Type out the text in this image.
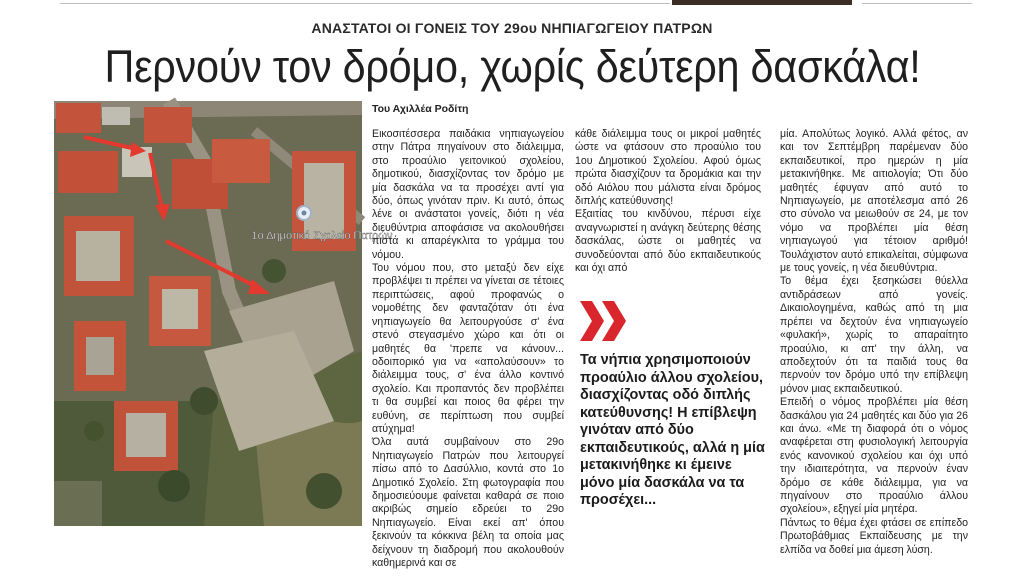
ΑΝΑΣΤΑΤΟΙ ΟΙ ΓΟΝΕΙΣ ΤΟΥ 29ου ΝΗΠΙΑΓΩΓΕΙΟΥ ΠΑΤΡΩΝ
Περνούν τον δρόμο, χωρίς δεύτερη δασκάλα!
1ο Δημοτικό Σχολείο Πατρών
Του Αχιλλέα Ροδίτη

Εικοσιτέσσερα παιδάκια νηπιαγωγείου στην Πάτρα πηγαίνουν στο διάλειμμα, στο προαύλιο γειτονικού σχολείου, δημοτικού, διασχίζοντας τον δρόμο με μία δασκάλα να τα προσέχει αντί για δύο, όπως γινόταν πριν. Κι αυτό, όπως λένε οι ανάστατοι γονείς, διότι η νέα διευθύντρια αποφάσισε να ακολουθήσει πιστά κι απαρέγκλιτα το γράμμα του νόμου.

Του νόμου που, στο μεταξύ δεν είχε προβλέψει τι πρέπει να γίνεται σε τέτοιες περιπτώσεις, αφού προφανώς ο νομοθέτης δεν φανταζόταν ότι ένα νηπιαγωγείο θα λειτουργούσε σ' ένα στενό στεγασμένο χώρο και ότι οι μαθητές θα 'πρεπε να κάνουν... οδοιπορικό για να «απολαύσουν» το διάλειμμα τους, σ' ένα άλλο κοντινό σχολείο. Και προπαντός δεν προβλέπει τι θα συμβεί και ποιος θα φέρει την ευθύνη, σε περίπτωση που συμβεί ατύχημα!

Όλα αυτά συμβαίνουν στο 29ο Νηπιαγωγείο Πατρών που λειτουργεί πίσω από το Δασύλλιο, κοντά στο 1ο Δημοτικό Σχολείο. Στη φωτογραφία που δημοσιεύουμε φαίνεται καθαρά σε ποιο ακριβώς σημείο εδρεύει το 29ο Νηπιαγωγείο. Είναι εκεί απ' όπου ξεκινούν τα κόκκινα βέλη τα οποία μας δείχνουν τη διαδρομή που ακολουθούν καθημερινά και σε

κάθε διάλειμμα τους οι μικροί μαθητές ώστε να φτάσουν στο προαύλιο του 1ου Δημοτικού Σχολείου. Αφού όμως πρώτα διασχίζουν τα δρομάκια και την οδό Αιόλου που μάλιστα είναι δρόμος διπλής κατεύθυνσης!

Εξαιτίας του κινδύνου, πέρυσι είχε αναγνωριστεί η ανάγκη δεύτερης θέσης δασκάλας, ώστε οι μαθητές να συνοδεύονται από δύο εκπαιδευτικούς και όχι από

Τα νήπια χρησιμοποιούν προαύλιο άλλου σχολείου, διασχίζοντας οδό διπλής κατεύθυνσης! Η επίβλεψη γινόταν από δύο εκπαιδευτικούς, αλλά η μία μετακινήθηκε κι έμεινε μόνο μία δασκάλα να τα προσέχει...

μία. Απολύτως λογικό. Αλλά φέτος, αν και τον Σεπτέμβρη παρέμεναν δύο εκπαιδευτικοί, προ ημερών η μία μετακινήθηκε. Με αιτιολογία; Ότι δύο μαθητές έφυγαν από αυτό το Νηπιαγωγείο, με αποτέλεσμα από 26 στο σύνολο να μειωθούν σε 24, με τον νόμο να προβλέπει μία θέση νηπιαγωγού για τέτοιον αριθμό! Τουλάχιστον αυτό επικαλείται, σύμφωνα με τους γονείς, η νέα διευθύντρια.

Το θέμα έχει ξεσηκώσει θύελλα αντιδράσεων από γονείς. Δικαιολογημένα, καθώς από τη μια πρέπει να δεχτούν ένα νηπιαγωγείο «φυλακή», χωρίς το απαραίτητο προαύλιο, κι απ' την άλλη, να αποδεχτούν ότι τα παιδιά τους θα περνούν τον δρόμο υπό την επίβλεψη μόνον μιας εκπαιδευτικού.

Επειδή ο νόμος προβλέπει μία θέση δασκάλου για 24 μαθητές και δύο για 26 και άνω. «Με τη διαφορά ότι ο νόμος αναφέρεται στη φυσιολογική λειτουργία ενός κανονικού σχολείου και όχι υπό την ιδιαιτερότητα, να περνούν έναν δρόμο σε κάθε διάλειμμα, για να πηγαίνουν στο προαύλιο άλλου σχολείου», εξηγεί μία μητέρα.

Πάντως το θέμα έχει φτάσει σε επίπεδο Πρωτοβάθμιας Εκπαίδευσης με την ελπίδα να δοθεί μια άμεση λύση.
